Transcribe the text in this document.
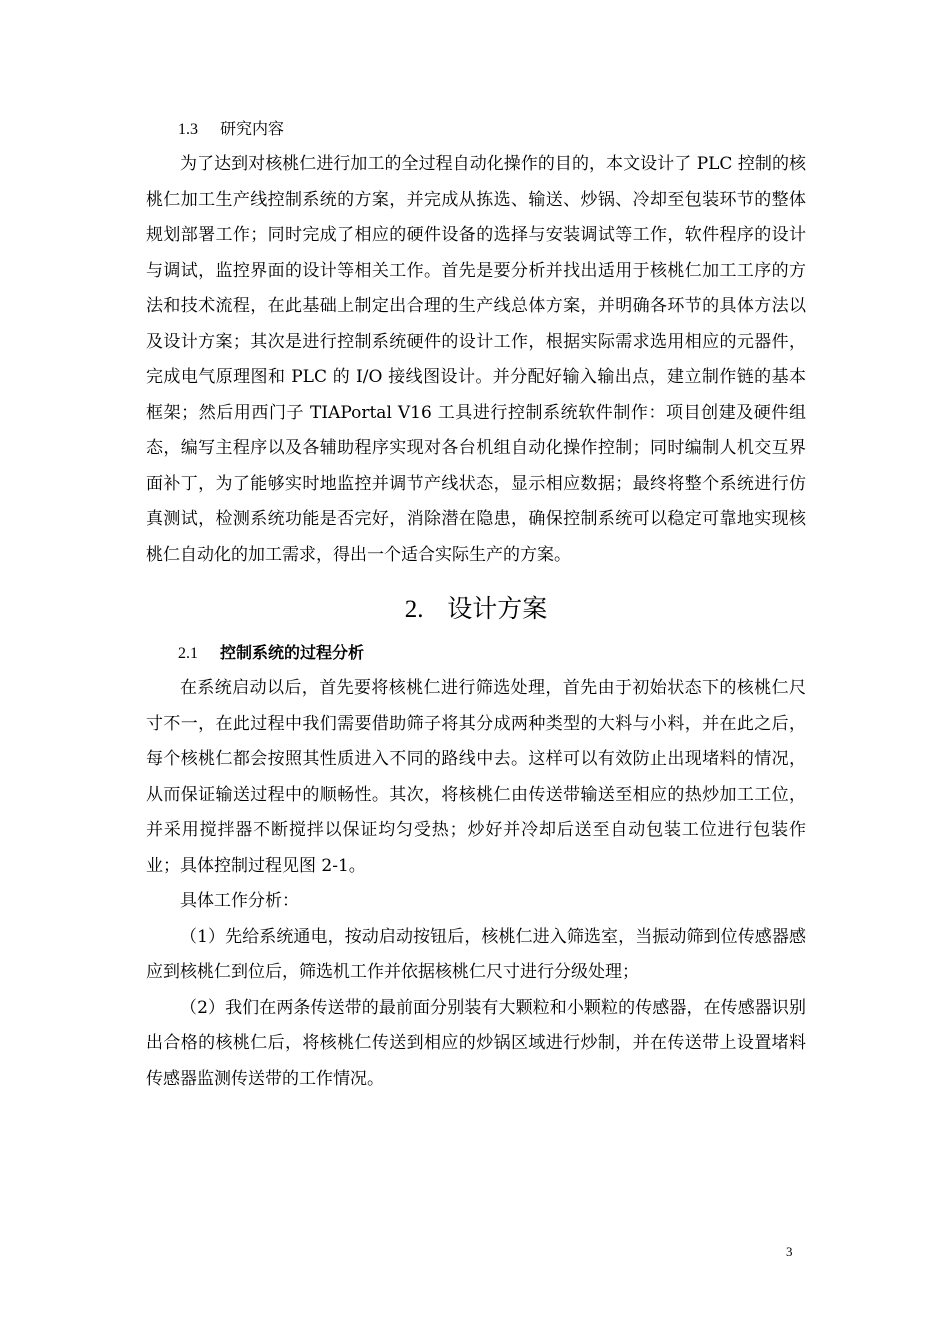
1.3 研究内容

为了达到对核桃仁进行加工的全过程自动化操作的目的，本文设计了 PLC 控制的核桃仁加工生产线控制系统的方案，并完成从拣选、输送、炒锅、冷却至包装环节的整体规划部署工作；同时完成了相应的硬件设备的选择与安装调试等工作，软件程序的设计与调试，监控界面的设计等相关工作。首先是要分析并找出适用于核桃仁加工工序的方法和技术流程，在此基础上制定出合理的生产线总体方案，并明确各环节的具体方法以及设计方案；其次是进行控制系统硬件的设计工作，根据实际需求选用相应的元器件，完成电气原理图和 PLC 的 I/O 接线图设计。并分配好输入输出点，建立制作链的基本框架；然后用西门子 TIAPortal V16 工具进行控制系统软件制作：项目创建及硬件组态，编写主程序以及各辅助程序实现对各台机组自动化操作控制；同时编制人机交互界面补丁，为了能够实时地监控并调节产线状态，显示相应数据；最终将整个系统进行仿真测试，检测系统功能是否完好，消除潜在隐患，确保控制系统可以稳定可靠地实现核桃仁自动化的加工需求，得出一个适合实际生产的方案。

2. 设计方案

2.1 控制系统的过程分析

在系统启动以后，首先要将核桃仁进行筛选处理，首先由于初始状态下的核桃仁尺寸不一，在此过程中我们需要借助筛子将其分成两种类型的大料与小料，并在此之后，每个核桃仁都会按照其性质进入不同的路线中去。这样可以有效防止出现堵料的情况，从而保证输送过程中的顺畅性。其次，将核桃仁由传送带输送至相应的热炒加工工位，并采用搅拌器不断搅拌以保证均匀受热；炒好并冷却后送至自动包装工位进行包装作业；具体控制过程见图 2-1。

具体工作分析：

（1）先给系统通电，按动启动按钮后，核桃仁进入筛选室，当振动筛到位传感器感应到核桃仁到位后，筛选机工作并依据核桃仁尺寸进行分级处理；

（2）我们在两条传送带的最前面分别装有大颗粒和小颗粒的传感器，在传感器识别出合格的核桃仁后，将核桃仁传送到相应的炒锅区域进行炒制，并在传送带上设置堵料传感器监测传送带的工作情况。

3
